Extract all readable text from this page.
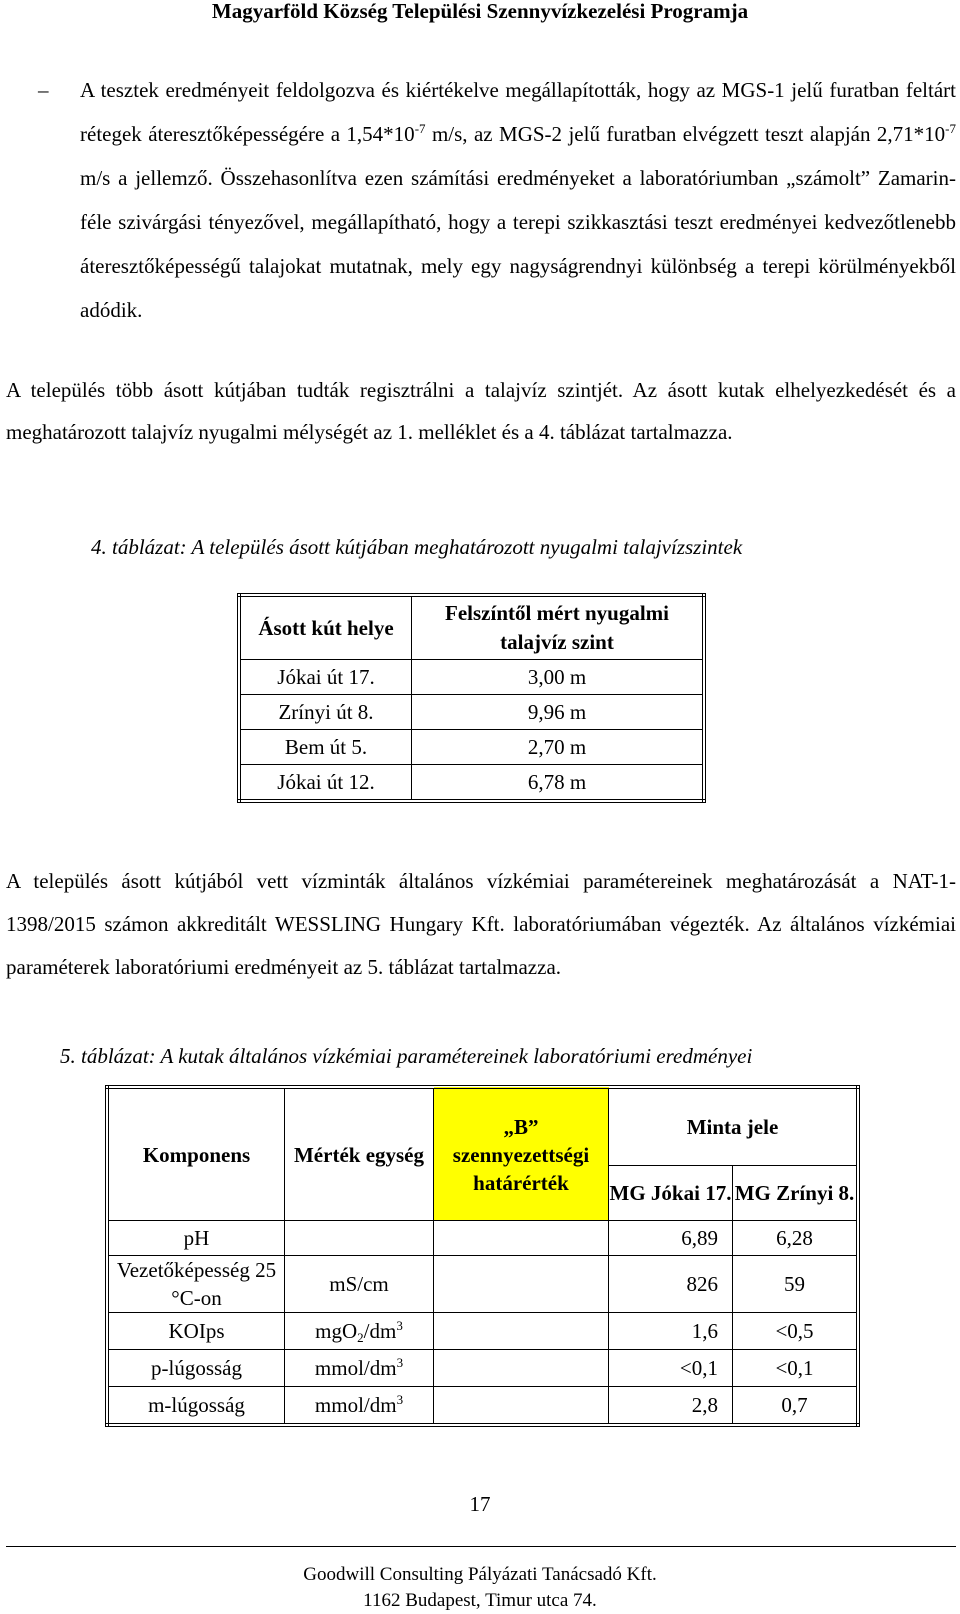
Magyarföld Község Települési Szennyvízkezelési Programja
– A tesztek eredményeit feldolgozva és kiértékelve megállapították, hogy az MGS-1 jelű furatban feltárt rétegek áteresztőképességére a $1,54*10^{-7}$ m/s, az MGS-2 jelű furatban elvégzett teszt alapján $2,71*10^{-7}$ m/s a jellemző. Összehasonlítva ezen számítási eredményeket a laboratóriumban „számolt” Zamarin-féle szivárgási tényezővel, megállapítható, hogy a terepi szikkasztási teszt eredményei kedvezőtlenebb áteresztőképességű talajokat mutatnak, mely egy nagyságrendnyi különbség a terepi körülményekből adódik.
A település több ásott kútjában tudták regisztrálni a talajvíz szintjét. Az ásott kutak elhelyezkedését és a meghatározott talajvíz nyugalmi mélységét az 1. melléklet és a 4. táblázat tartalmazza.
4. táblázat: A település ásott kútjában meghatározott nyugalmi talajvízszintek
Ásott kút helye	Felszíntől mért nyugalmi talajvíz szint
Jókai út 17.	3,00 m
Zrínyi út 8.	9,96 m
Bem út 5.	2,70 m
Jókai út 12.	6,78 m
A település ásott kútjából vett vízminták általános vízkémiai paramétereinek meghatározását a NAT-1-1398/2015 számon akkreditált WESSLING Hungary Kft. laboratóriumában végezték. Az általános vízkémiai paraméterek laboratóriumi eredményeit az 5. táblázat tartalmazza.
5. táblázat: A kutak általános vízkémiai paramétereinek laboratóriumi eredményei
Komponens	Mérték egység	„B” szennyezettségi határérték	Minta jele	
			MG Jókai 17.	MG Zrínyi 8.
pH			6,89	6,28
Vezetőképesség 25 °C-on	mS/cm		826	59
KOIps	$mgO_2/dm^3$		1,6	<0,5
p-lúgosság	mmol/$dm^3$		<0,1	<0,1
m-lúgosság	mmol/$dm^3$		2,8	0,7
17
Goodwill Consulting Pályázati Tanácsadó Kft.
1162 Budapest, Timur utca 74.
